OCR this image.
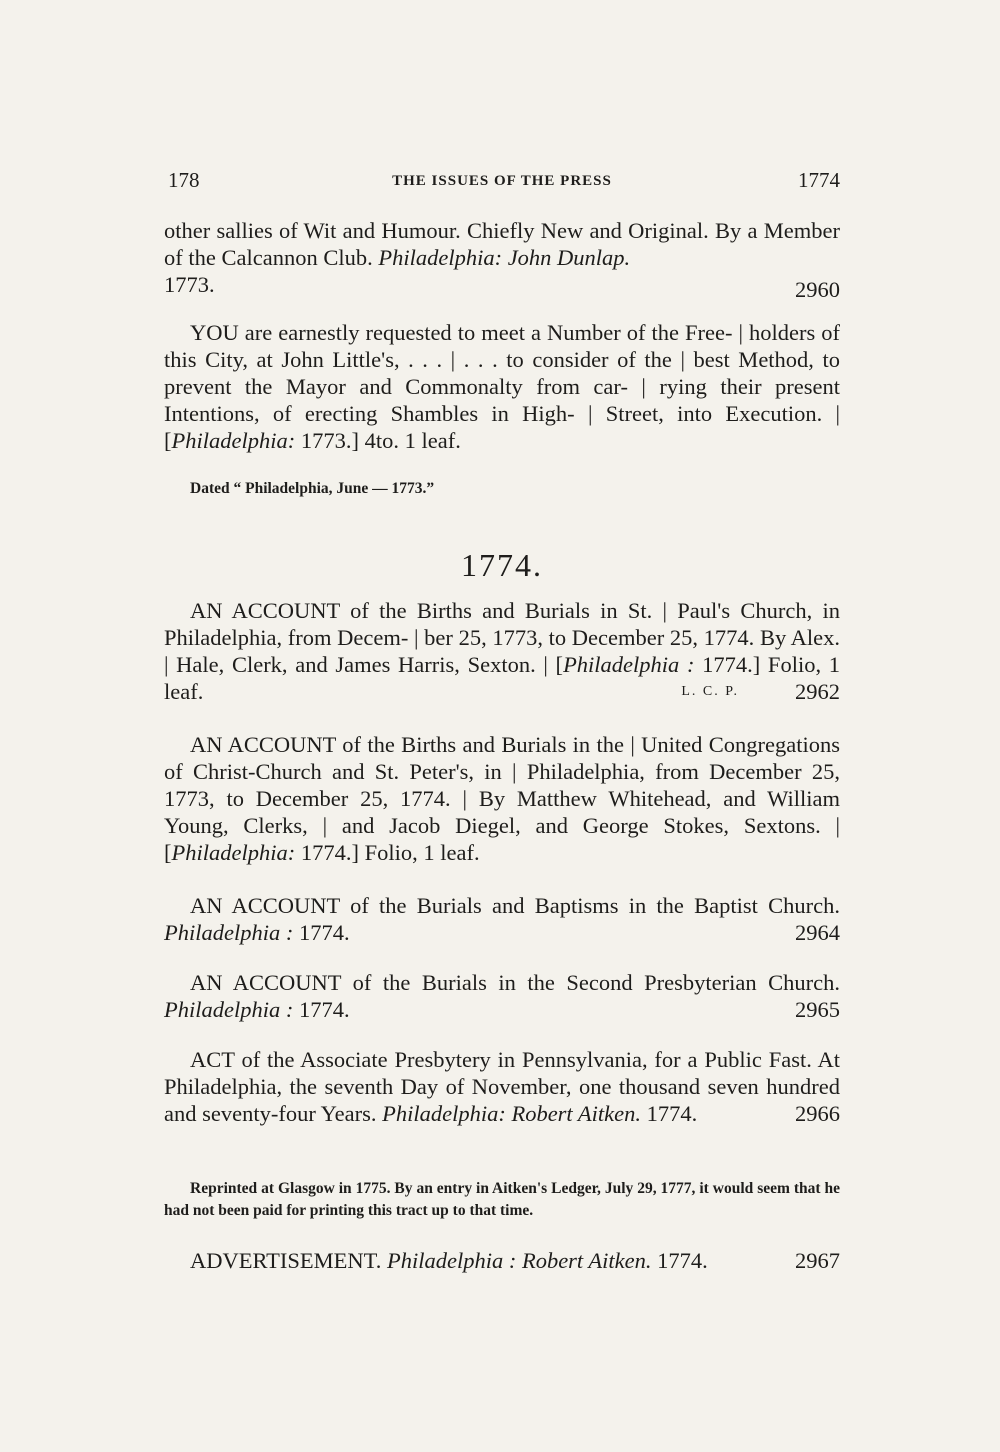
178	THE ISSUES OF THE PRESS	1774
other sallies of Wit and Humour. Chiefly New and Original. By a Member of the Calcannon Club. Philadelphia: John Dunlap.
1773.	2960
YOU are earnestly requested to meet a Number of the Free- | holders of this City, at John Little's, . . . | . . . to consider of the | best Method, to prevent the Mayor and Commonalty from car- | rying their present Intentions, of erecting Shambles in High- | Street, into Execution. | [Philadelphia: 1773.] 4to. 1 leaf.
Dated “ Philadelphia, June — 1773.”
1774.
AN ACCOUNT of the Births and Burials in St. | Paul's Church, in Philadelphia, from Decem- | ber 25, 1773, to December 25, 1774. By Alex. | Hale, Clerk, and James Harris, Sexton. | [Philadelphia : 1774.] Folio, 1 leaf.	2962
L. C. P.
AN ACCOUNT of the Births and Burials in the | United Congregations of Christ-Church and St. Peter's, in | Philadelphia, from December 25, 1773, to December 25, 1774. | By Matthew Whitehead, and William Young, Clerks, | and Jacob Diegel, and George Stokes, Sextons. | [Philadelphia: 1774.] Folio, 1 leaf.
AN ACCOUNT of the Burials and Baptisms in the Baptist Church. Philadelphia : 1774.	2964
AN ACCOUNT of the Burials in the Second Presbyterian Church. Philadelphia : 1774.	2965
ACT of the Associate Presbytery in Pennsylvania, for a Public Fast. At Philadelphia, the seventh Day of November, one thousand seven hundred and seventy-four Years. Philadelphia: Robert Aitken. 1774.	2966
Reprinted at Glasgow in 1775. By an entry in Aitken's Ledger, July 29, 1777, it would seem that he had not been paid for printing this tract up to that time.
ADVERTISEMENT. Philadelphia : Robert Aitken. 1774.	2967
